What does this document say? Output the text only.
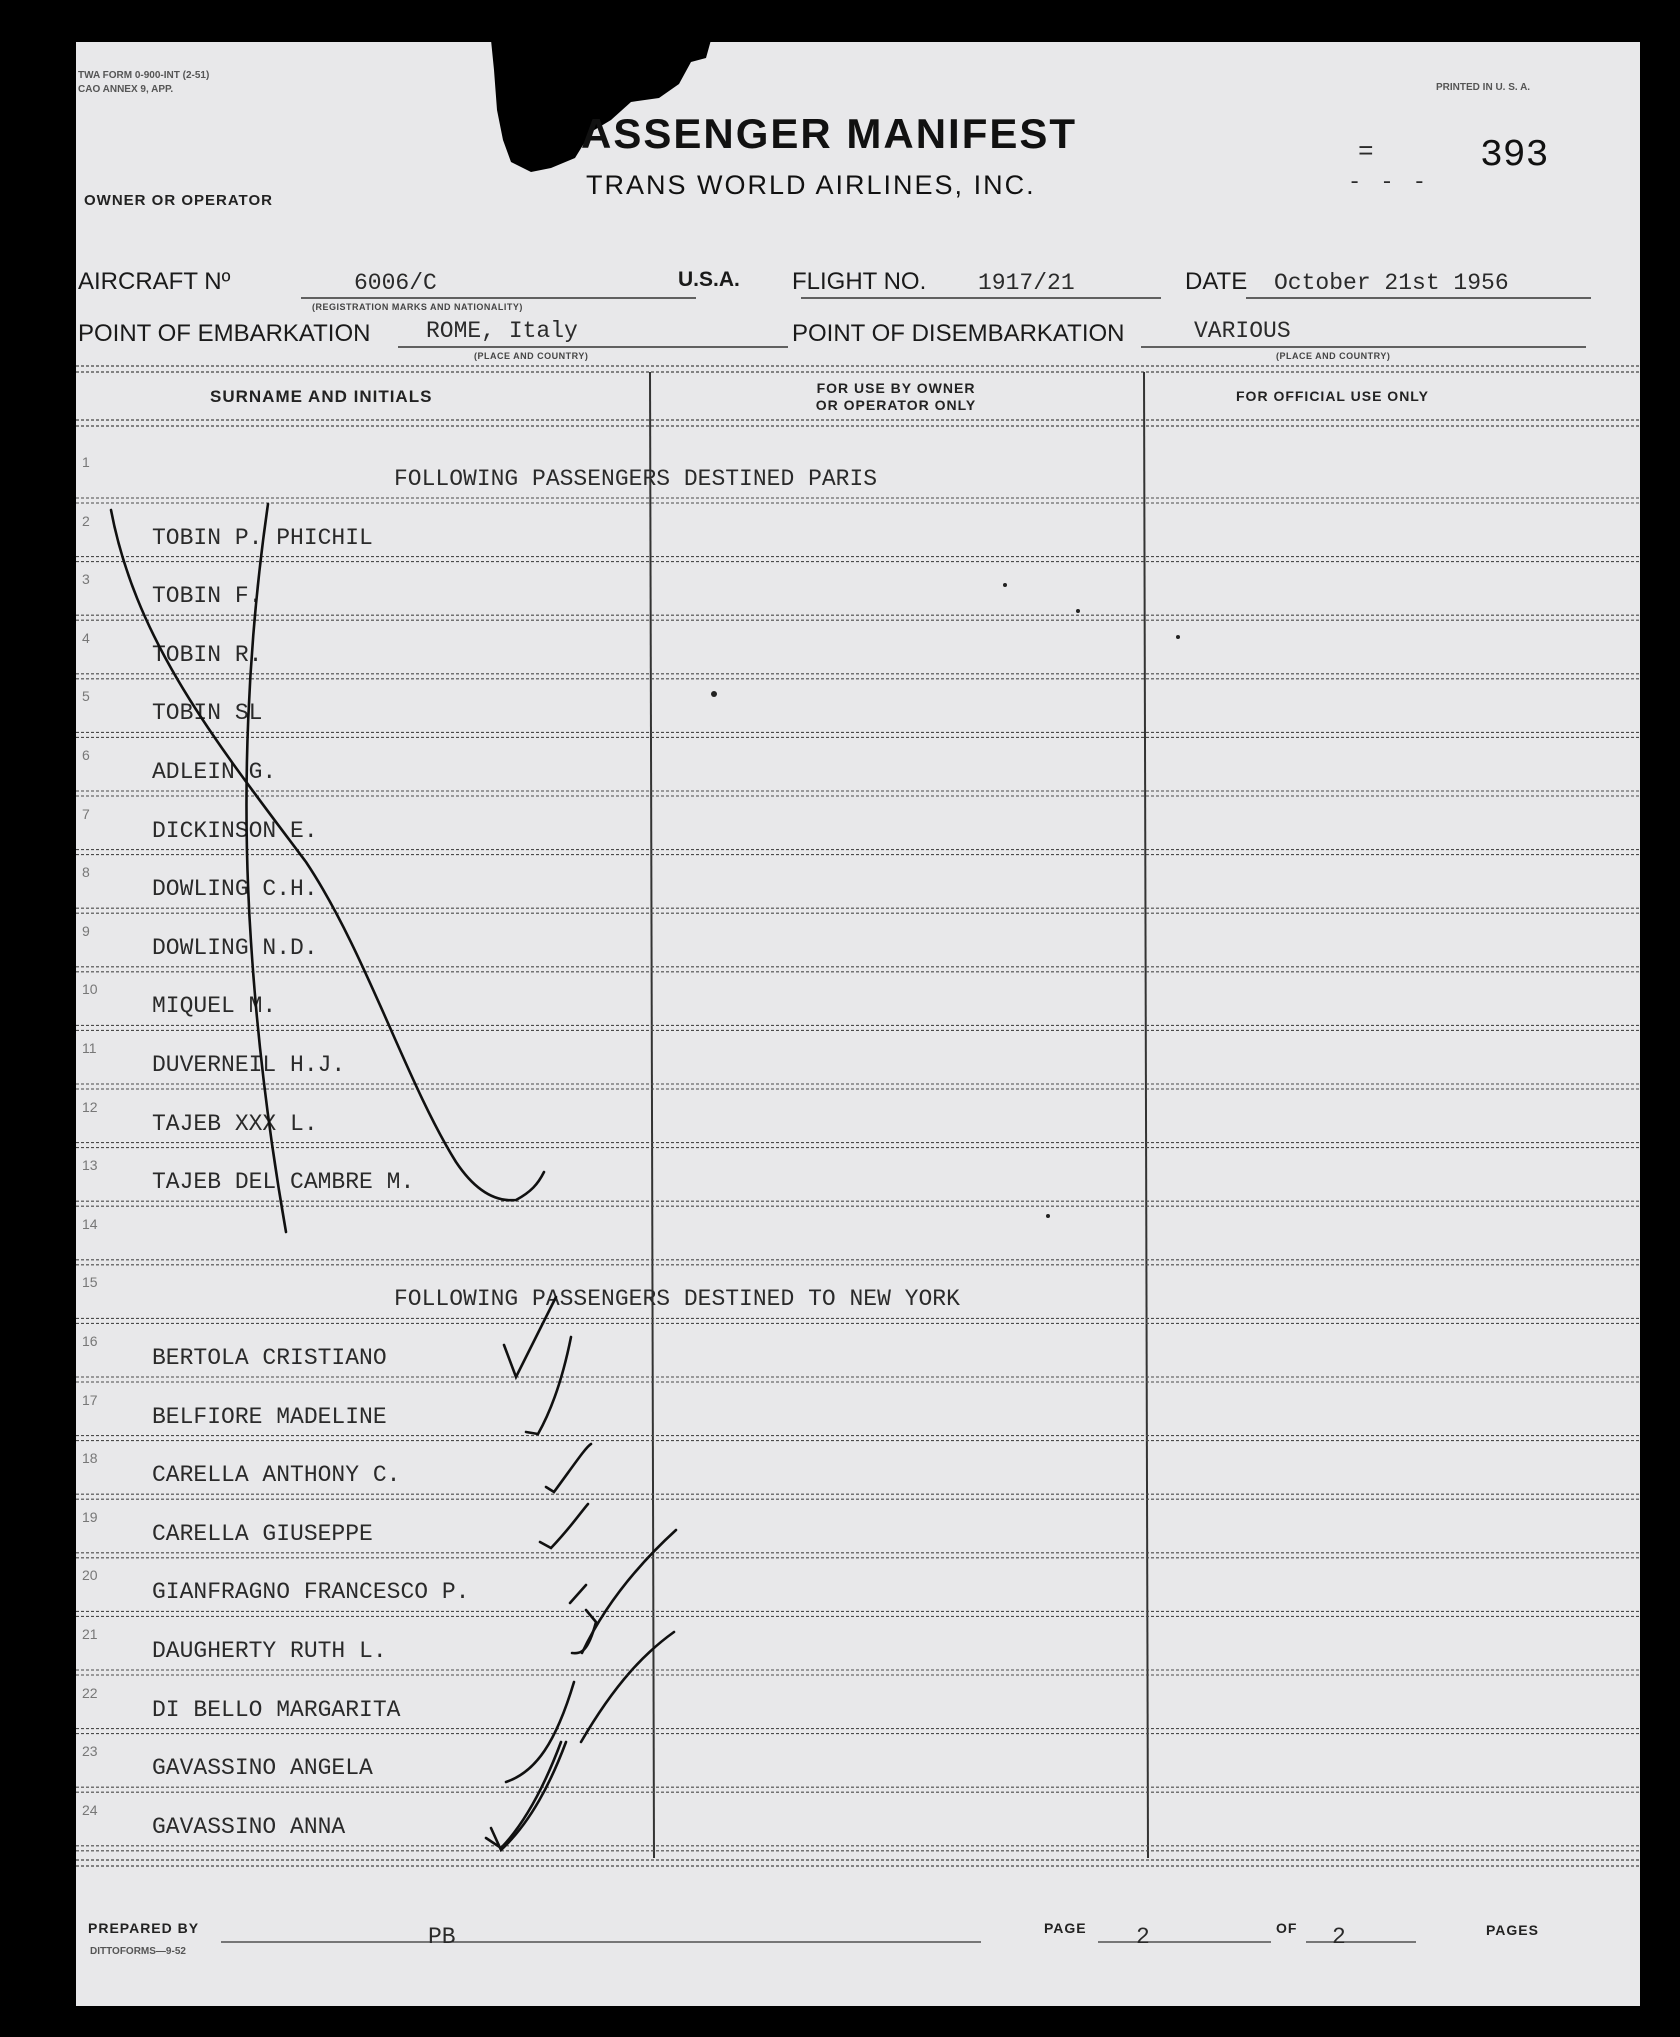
TWA FORM 0-900-INT (2-51)
CAO ANNEX 9, APP.	PRINTED IN U. S. A.
ASSENGER MANIFEST
TRANS WORLD AIRLINES, INC.
OWNER OR OPERATOR
=
- - -
393
AIRCRAFT Nº	6006/C
(REGISTRATION MARKS AND NATIONALITY)
U.S.A. FLIGHT NO. 1917/21	DATE October 21st 1956
POINT OF EMBARKATION ROME, Italy
(PLACE AND COUNTRY)
POINT OF DISEMBARKATION	VARIOUS
(PLACE AND COUNTRY)
SURNAME AND INITIALS	FOR USE BY OWNER
OR OPERATOR ONLY
FOR OFFICIAL USE ONLY
1
FOLLOWING PASSENGERS DESTINED PARIS
2
TOBIN P. PHICHIL
3
TOBIN F.
4
TOBIN R.
5
TOBIN SL
6
ADLEIN G.
7
DICKINSON E.
8
DOWLING C.H.
9
DOWLING N.D.
10
MIQUEL M.
11
DUVERNEIL H.J.
12
TAJEB XXX L.
13
TAJEB DEL CAMBRE M.
14
15
FOLLOWING PASSENGERS DESTINED TO NEW YORK
16
BERTOLA CRISTIANO
17
BELFIORE MADELINE
18
CARELLA ANTHONY C.
19
CARELLA GIUSEPPE
20
GIANFRAGNO FRANCESCO P.
21
DAUGHERTY RUTH L.
22
DI BELLO MARGARITA
23
GAVASSINO ANGELA
24
GAVASSINO ANNA
PREPARED BY	PB
DITTOFORMS—9-52
PAGE 2	OF 2	PAGES
